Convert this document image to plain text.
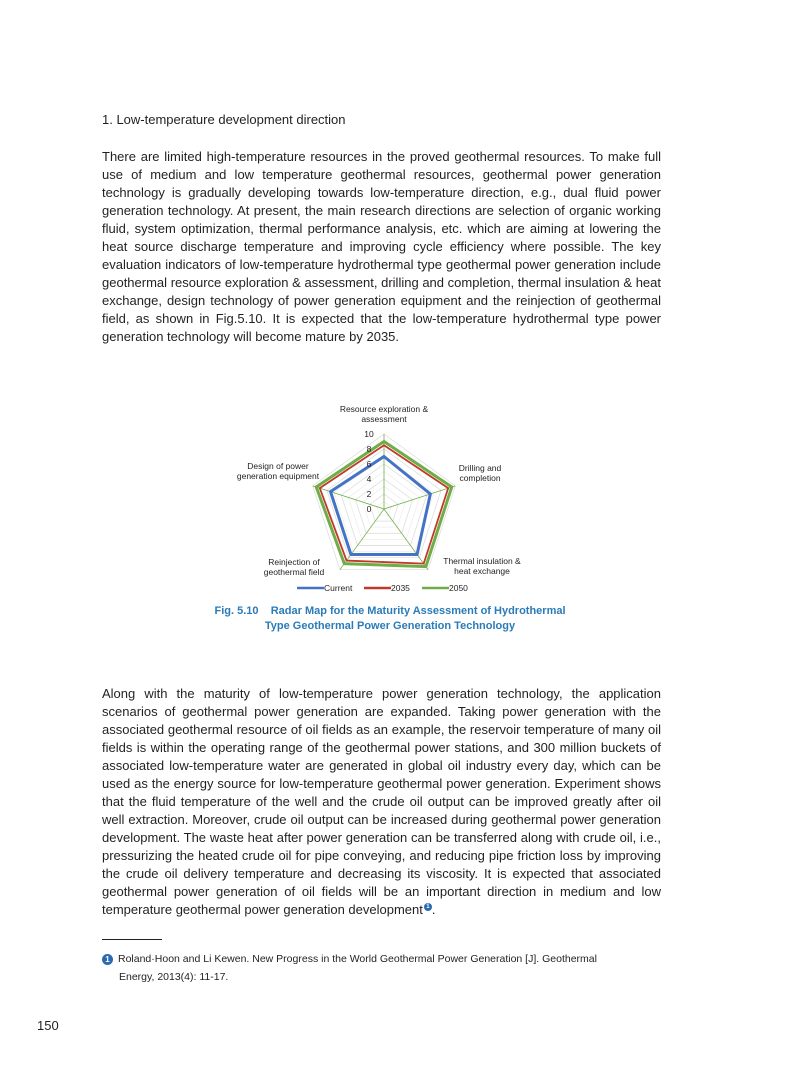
1. Low-temperature development direction
There are limited high-temperature resources in the proved geothermal resources. To make full use of medium and low temperature geothermal resources, geothermal power generation technology is gradually developing towards low-temperature direction, e.g., dual fluid power generation technology. At present, the main research directions are selection of organic working fluid, system optimization, thermal performance analysis, etc. which are aiming at lowering the heat source discharge temperature and improving cycle efficiency where possible. The key evaluation indicators of low-temperature hydrothermal type geothermal power generation include geothermal resource exploration & assessment, drilling and completion, thermal insulation & heat exchange, design technology of power generation equipment and the reinjection of geothermal field, as shown in Fig.5.10. It is expected that the low-temperature hydrothermal type power generation technology will become mature by 2035.
0
2
4
6
8
10
Resource exploration &
assessment
Drilling and
completion
Thermal insulation &
heat exchange
Reinjection of
geothermal field
Design of power
generation equipment
Current	2035	2050
Fig. 5.10    Radar Map for the Maturity Assessment of Hydrothermal
Type Geothermal Power Generation Technology
Along with the maturity of low-temperature power generation technology, the application scenarios of geothermal power generation are expanded. Taking power generation with the associated geothermal resource of oil fields as an example, the reservoir temperature of many oil fields is within the operating range of the geothermal power stations, and 300 million buckets of associated low-temperature water are generated in global oil industry every day, which can be used as the energy source for low-temperature geothermal power generation. Experiment shows that the fluid temperature of the well and the crude oil output can be improved greatly after oil well extraction. Moreover, crude oil output can be increased during geothermal power generation development. The waste heat after power generation can be transferred along with crude oil, i.e., pressurizing the heated crude oil for pipe conveying, and reducing pipe friction loss by improving the crude oil delivery temperature and decreasing its viscosity. It is expected that associated geothermal power generation of oil fields will be an important direction in medium and low temperature geothermal power generation development 1 .
1 Roland·Hoon and Li Kewen. New Progress in the World Geothermal Power Generation [J]. Geothermal
Energy, 2013(4): 11-17.
150
